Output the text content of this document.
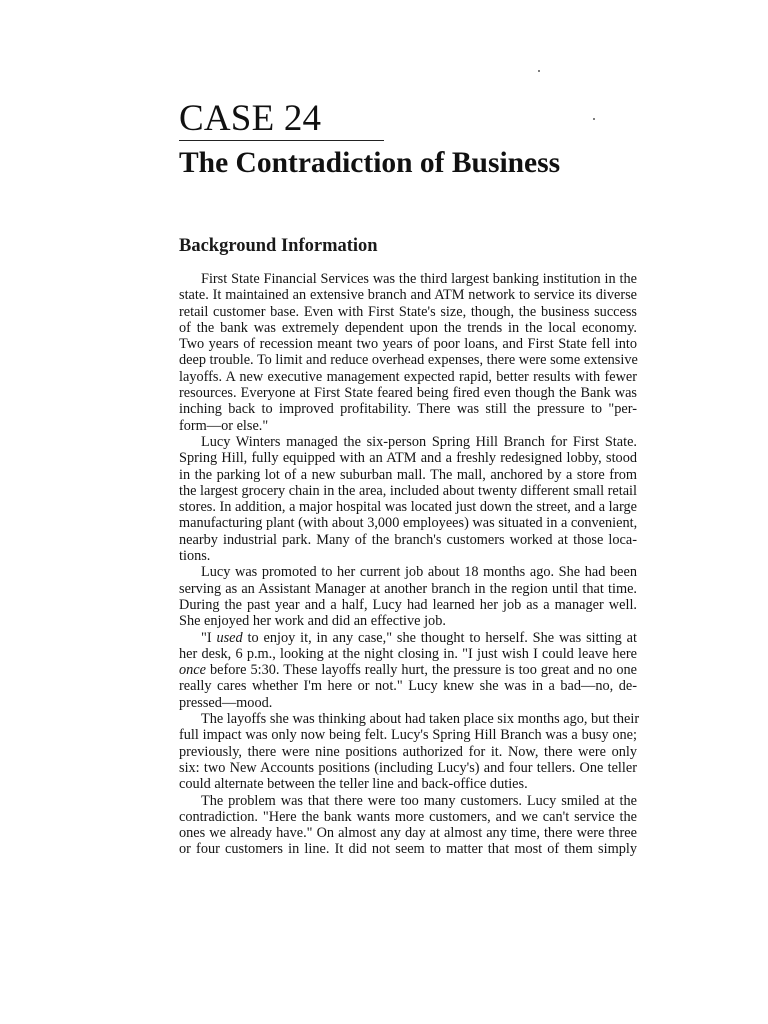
CASE 24
The Contradiction of Business
Background Information
First State Financial Services was the third largest banking institution in the
state. It maintained an extensive branch and ATM network to service its diverse
retail customer base. Even with First State's size, though, the business success
of the bank was extremely dependent upon the trends in the local economy.
Two years of recession meant two years of poor loans, and First State fell into
deep trouble. To limit and reduce overhead expenses, there were some extensive
layoffs. A new executive management expected rapid, better results with fewer
resources. Everyone at First State feared being fired even though the Bank was
inching back to improved profitability. There was still the pressure to "per-
form—or else."
Lucy Winters managed the six-person Spring Hill Branch for First State.
Spring Hill, fully equipped with an ATM and a freshly redesigned lobby, stood
in the parking lot of a new suburban mall. The mall, anchored by a store from
the largest grocery chain in the area, included about twenty different small retail
stores. In addition, a major hospital was located just down the street, and a large
manufacturing plant (with about 3,000 employees) was situated in a convenient,
nearby industrial park. Many of the branch's customers worked at those loca-
tions.
Lucy was promoted to her current job about 18 months ago. She had been
serving as an Assistant Manager at another branch in the region until that time.
During the past year and a half, Lucy had learned her job as a manager well.
She enjoyed her work and did an effective job.
"I used to enjoy it, in any case," she thought to herself. She was sitting at
her desk, 6 p.m., looking at the night closing in. "I just wish I could leave here
once before 5:30. These layoffs really hurt, the pressure is too great and no one
really cares whether I'm here or not." Lucy knew she was in a bad—no, de-
pressed—mood.
The layoffs she was thinking about had taken place six months ago, but their
full impact was only now being felt. Lucy's Spring Hill Branch was a busy one;
previously, there were nine positions authorized for it. Now, there were only
six: two New Accounts positions (including Lucy's) and four tellers. One teller
could alternate between the teller line and back-office duties.
The problem was that there were too many customers. Lucy smiled at the
contradiction. "Here the bank wants more customers, and we can't service the
ones we already have." On almost any day at almost any time, there were three
or four customers in line. It did not seem to matter that most of them simply
